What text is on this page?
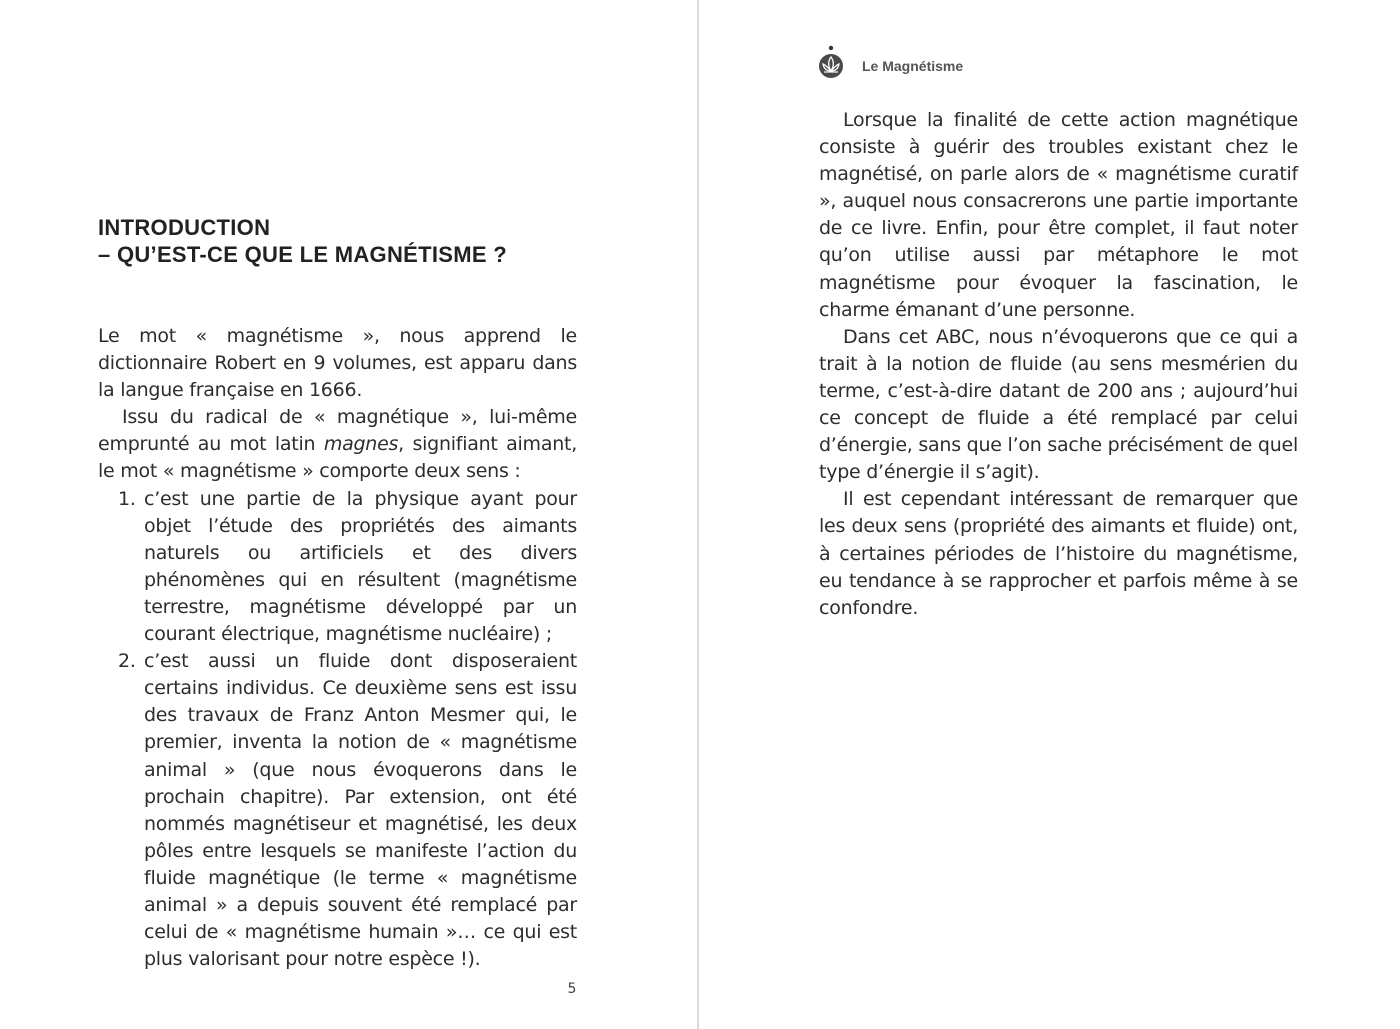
INTRODUCTION
– QU’EST-CE QUE LE MAGNÉTISME ?

Le mot « magnétisme », nous apprend le dictionnaire Robert en 9 volumes, est apparu dans la langue française en 1666.

Issu du radical de « magnétique », lui-même emprunté au mot latin magnes, signifiant aimant, le mot « magnétisme » comporte deux sens :

1. c’est une partie de la physique ayant pour objet l’étude des propriétés des aimants naturels ou artificiels et des divers phénomènes qui en résultent (magnétisme terrestre, magnétisme développé par un courant électrique, magnétisme nucléaire) ;
2. c’est aussi un fluide dont disposeraient certains individus. Ce deuxième sens est issu des travaux de Franz Anton Mesmer qui, le premier, inventa la notion de « magnétisme animal » (que nous évoquerons dans le prochain chapitre). Par extension, ont été nommés magnétiseur et magnétisé, les deux pôles entre lesquels se manifeste l’action du fluide magnétique (le terme « magnétisme animal » a depuis souvent été remplacé par celui de « magnétisme humain »… ce qui est plus valorisant pour notre espèce !).
5
Le Magnétisme

Lorsque la finalité de cette action magnétique consiste à guérir des troubles existant chez le magnétisé, on parle alors de « magnétisme curatif », auquel nous consacrerons une partie importante de ce livre. Enfin, pour être complet, il faut noter qu’on utilise aussi par métaphore le mot magnétisme pour évoquer la fascination, le charme émanant d’une personne.

Dans cet ABC, nous n’évoquerons que ce qui a trait à la notion de fluide (au sens mesmérien du terme, c’est-à-dire datant de 200 ans ; aujourd’hui ce concept de fluide a été remplacé par celui d’énergie, sans que l’on sache précisément de quel type d’énergie il s’agit).

Il est cependant intéressant de remarquer que les deux sens (propriété des aimants et fluide) ont, à certaines périodes de l’histoire du magnétisme, eu tendance à se rapprocher et parfois même à se confondre.
